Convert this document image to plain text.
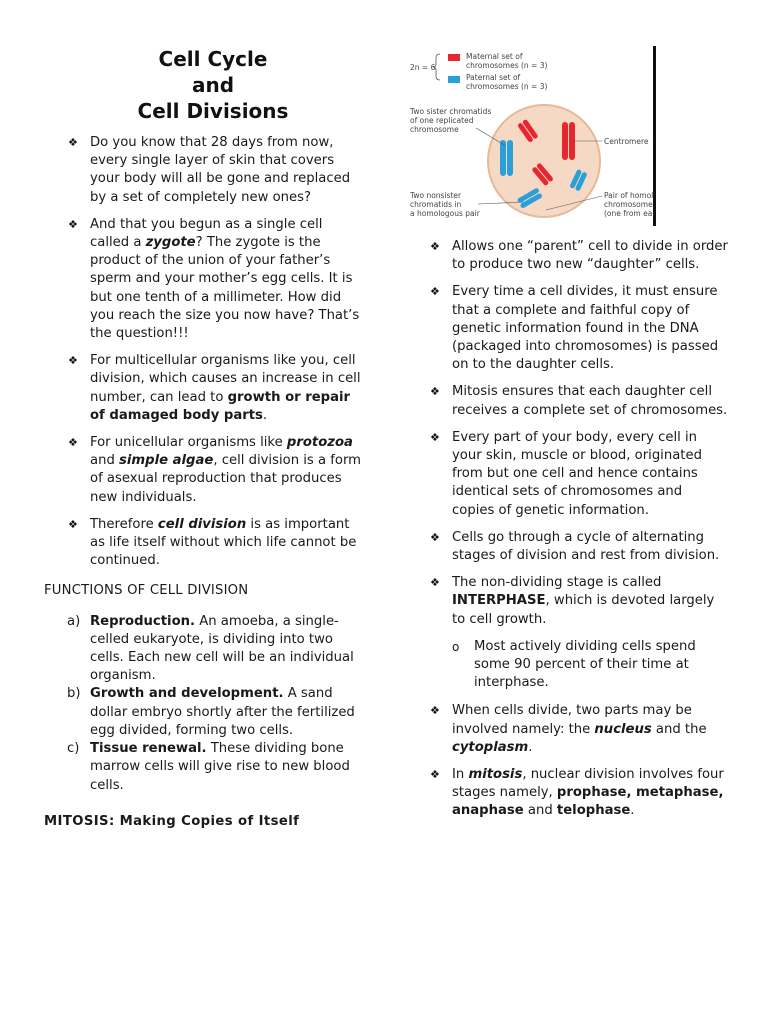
Cell Cycle
and
Cell Divisions
❖ Do you know that 28 days from now, every single layer of skin that covers your body will all be gone and replaced by a set of completely new ones?
❖ And that you begun as a single cell called a zygote? The zygote is the product of the union of your father’s sperm and your mother’s egg cells. It is but one tenth of a millimeter. How did you reach the size you now have? That’s the question!!!
❖ For multicellular organisms like you, cell division, which causes an increase in cell number, can lead to growth or repair of damaged body parts.
❖ For unicellular organisms like protozoa and simple algae, cell division is a form of asexual reproduction that produces new individuals.
❖ Therefore cell division is as important as life itself without which life cannot be continued.
FUNCTIONS OF CELL DIVISION
a) Reproduction. An amoeba, a single-celled eukaryote, is dividing into two cells. Each new cell will be an individual organism.
b) Growth and development. A sand dollar embryo shortly after the fertilized egg divided, forming two cells.
c) Tissue renewal. These dividing bone marrow cells will give rise to new blood cells.
MITOSIS: Making Copies of Itself
2n = 6
Maternal set of
chromosomes (n = 3)
Paternal set of
chromosomes (n = 3)
Two sister chromatids
of one replicated
chromosome
Centromere
Two nonsister
chromatids in
a homologous pair
Pair of homol
chromosome
(one from ea
❖ Allows one “parent” cell to divide in order to produce two new “daughter” cells.
❖ Every time a cell divides, it must ensure that a complete and faithful copy of genetic information found in the DNA (packaged into chromosomes) is passed on to the daughter cells.
❖ Mitosis ensures that each daughter cell receives a complete set of chromosomes.
❖ Every part of your body, every cell in your skin, muscle or blood, originated from but one cell and hence contains identical sets of chromosomes and copies of genetic information.
❖ Cells go through a cycle of alternating stages of division and rest from division.
❖ The non-dividing stage is called INTERPHASE, which is devoted largely to cell growth.
o Most actively dividing cells spend some 90 percent of their time at interphase.
❖ When cells divide, two parts may be involved namely: the nucleus and the cytoplasm.
❖ In mitosis, nuclear division involves four stages namely, prophase, metaphase, anaphase and telophase.
